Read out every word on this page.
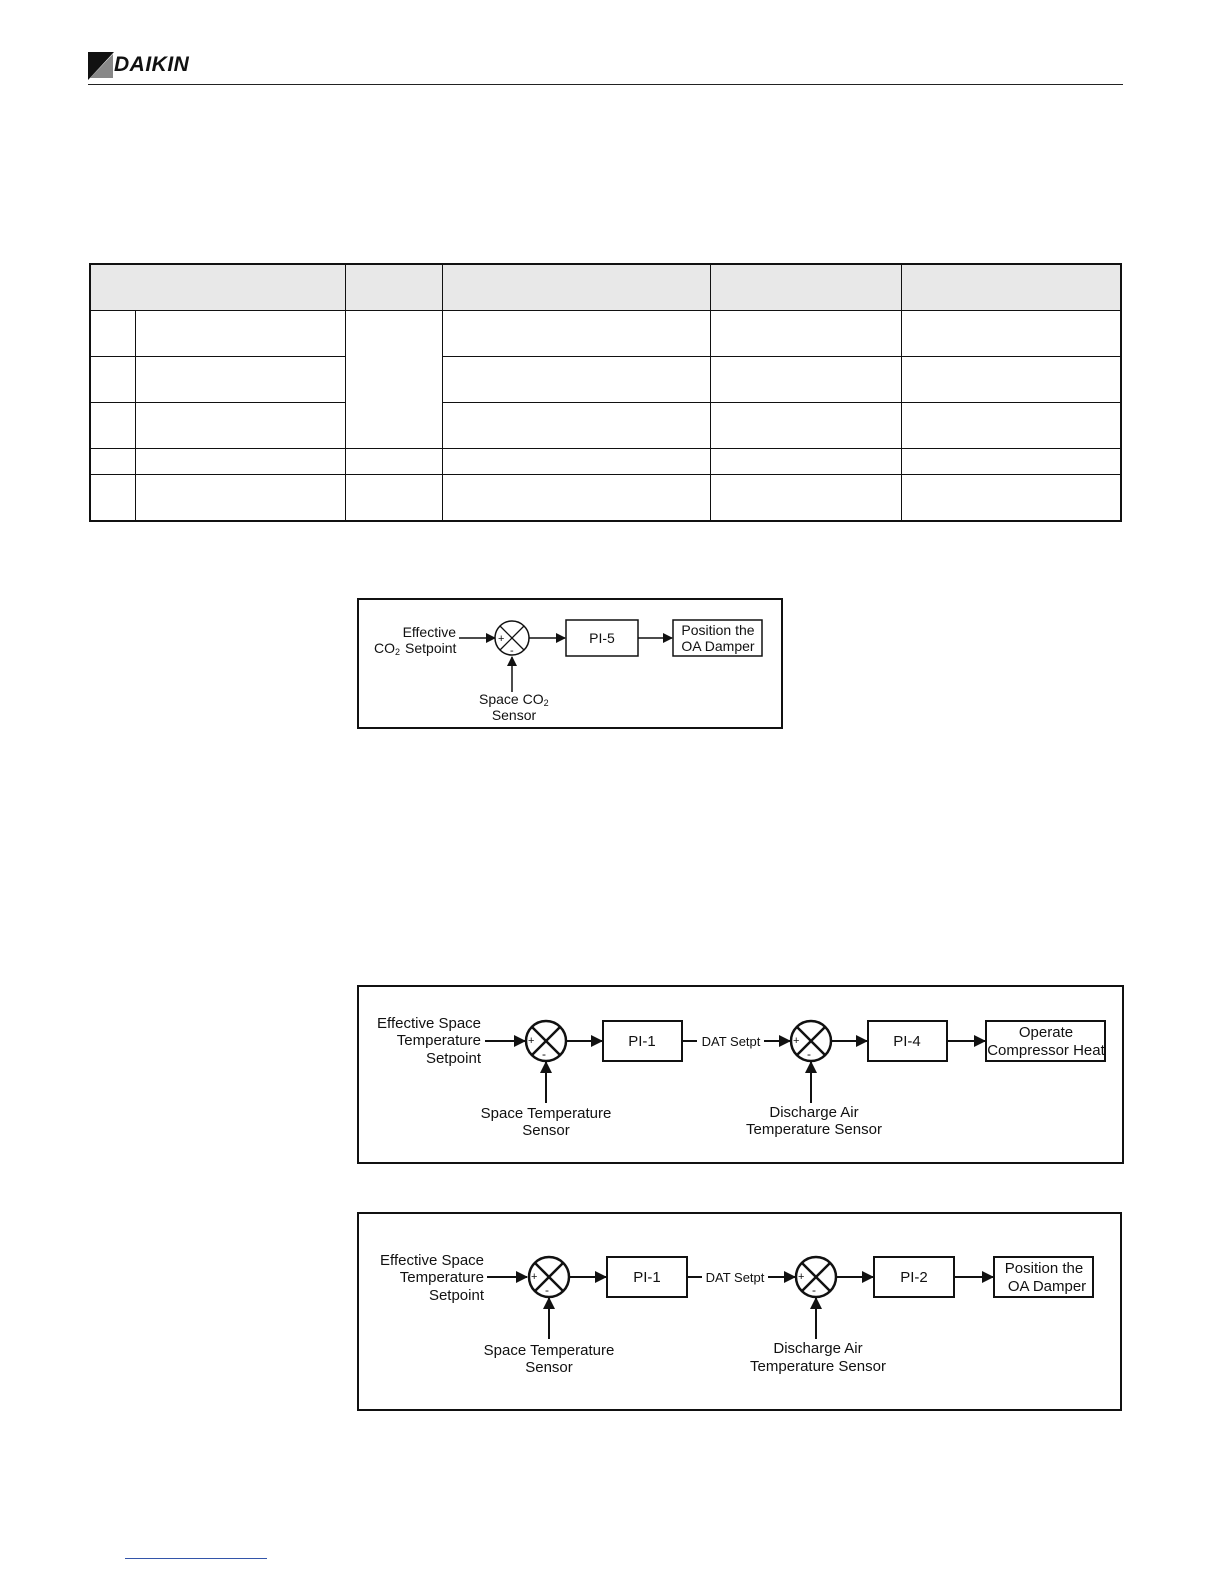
DAIKIN

Effective
CO2 Setpoint
+
-
PI-5	Position the
OA Damper
Space CO2
Sensor
Effective Space
Temperature
Setpoint
+
-
PI-1	DAT Setpt	+
-
PI-4
Operate
Compressor Heat
Space Temperature
Sensor
Discharge Air
Temperature Sensor
Effective Space
Temperature
Setpoint
+
-
PI-1	DAT Setpt	+
-
PI-2
Position the
OA Damper
Space Temperature
Sensor
Discharge Air
Temperature Sensor
